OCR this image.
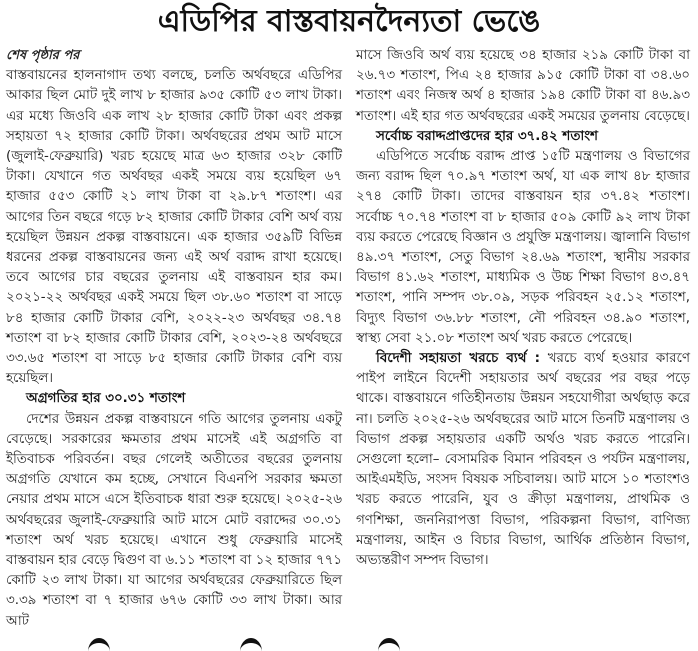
এডিপির বাস্তবায়নদৈন্যতা ভেঙে

শেষ পৃষ্ঠার পর

বাস্তবায়নের হালনাগাদ তথ্য বলছে, চলতি অর্থবছরে এডিপির আকার ছিল মোট দুই লাখ ৮ হাজার ৯৩৫ কোটি ৫৩ লাখ টাকা। এর মধ্যে জিওবি এক লাখ ২৮ হাজার কোটি টাকা এবং প্রকল্প সহায়তা ৭২ হাজার কোটি টাকা। অর্থবছরের প্রথম আট মাসে (জুলাই-ফেব্রুয়ারি) খরচ হয়েছে মাত্র ৬৩ হাজার ৩২৮ কোটি টাকা। যেখানে গত অর্থবছর একই সময়ে ব্যয় হয়েছিল ৬৭ হাজার ৫৫৩ কোটি ২১ লাখ টাকা বা ২৯.৮৭ শতাংশ। এর আগের তিন বছরে গড়ে ৮২ হাজার কোটি টাকার বেশি অর্থ ব্যয় হয়েছিল উন্নয়ন প্রকল্প বাস্তবায়নে। এক হাজার ৩৫৯টি বিভিন্ন ধরনের প্রকল্প বাস্তবায়নের জন্য এই অর্থ বরাদ্দ রাখা হয়েছে। তবে আগের চার বছরের তুলনায় এই বাস্তবায়ন হার কম। ২০২১-২২ অর্থবছর একই সময়ে ছিল ৩৮.৬০ শতাংশ বা সাড়ে ৮৪ হাজার কোটি টাকার বেশি, ২০২২-২৩ অর্থবছর ৩৪.৭৪ শতাংশ বা ৮২ হাজার কোটি টাকার বেশি, ২০২৩-২৪ অর্থবছরে ৩৩.৬৫ শতাংশ বা সাড়ে ৮৫ হাজার কোটি টাকার বেশি ব্যয় হয়েছিল।

অগ্রগতির হার ৩০.৩১ শতাংশ

দেশের উন্নয়ন প্রকল্প বাস্তবায়নে গতি আগের তুলনায় একটু বেড়েছে। সরকারের ক্ষমতার প্রথম মাসেই এই অগ্রগতি বা ইতিবাচক পরিবর্তন। বছর গেলেই অতীতের বছরের তুলনায় অগ্রগতি যেখানে কম হচ্ছে, সেখানে বিএনপি সরকার ক্ষমতা নেয়ার প্রথম মাসে এসে ইতিবাচক ধারা শুরু হয়েছে। ২০২৫-২৬ অর্থবছরের জুলাই-ফেব্রুয়ারি আট মাসে মোট বরাদ্দের ৩০.৩১ শতাংশ অর্থ খরচ হয়েছে। এখানে শুধু ফেব্রুয়ারি মাসেই বাস্তবায়ন হার বেড়ে দ্বিগুণ বা ৬.১১ শতাংশ বা ১২ হাজার ৭৭১ কোটি ২৩ লাখ টাকা। যা আগের অর্থবছরের ফেব্রুয়ারিতে ছিল ৩.৩৯ শতাংশ বা ৭ হাজার ৬৭৬ কোটি ৩৩ লাখ টাকা। আর আট

মাসে জিওবি অর্থ ব্যয় হয়েছে ৩৪ হাজার ২১৯ কোটি টাকা বা ২৬.৭৩ শতাংশ, পিএ ২৪ হাজার ৯১৫ কোটি টাকা বা ৩৪.৬০ শতাংশ এবং নিজস্ব অর্থ ৪ হাজার ১৯৪ কোটি টাকা বা ৪৬.৯৩ শতাংশ। এই হার গত অর্থবছরের একই সময়ের তুলনায় বেড়েছে।

সর্বোচ্চ বরাদ্দপ্রাপ্তদের হার ৩৭.৪২ শতাংশ

এডিপিতে সর্বোচ্চ বরাদ্দ প্রাপ্ত ১৫টি মন্ত্রণালয় ও বিভাগের জন্য বরাদ্দ ছিল ৭০.৯৭ শতাংশ অর্থ, যা এক লাখ ৪৮ হাজার ২৭৪ কোটি টাকা। তাদের বাস্তবায়ন হার ৩৭.৪২ শতাংশ। সর্বোচ্চ ৭০.৭৪ শতাংশ বা ৮ হাজার ৫০৯ কোটি ৯২ লাখ টাকা ব্যয় করতে পেরেছে বিজ্ঞান ও প্রযুক্তি মন্ত্রণালয়। জ্বালানি বিভাগ ৪৯.৩৭ শতাংশ, সেতু বিভাগ ২৪.৬৯ শতাংশ, স্থানীয় সরকার বিভাগ ৪১.৬২ শতাংশ, মাধ্যমিক ও উচ্চ শিক্ষা বিভাগ ৪৩.৪৭ শতাংশ, পানি সম্পদ ৩৮.০৯, সড়ক পরিবহন ২৫.১২ শতাংশ, বিদ্যুৎ বিভাগ ৩৬.৮৮ শতাংশ, নৌ পরিবহন ৩৪.৯০ শতাংশ, স্বাস্থ্য সেবা ২১.০৮ শতাংশ অর্থ খরচ করতে পেরেছে।

বিদেশী সহায়তা খরচে ব্যর্থ : খরচে ব্যর্থ হওয়ার কারণে পাইপ লাইনে বিদেশী সহায়তার অর্থ বছরের পর বছর পড়ে থাকে। বাস্তবায়নে গতিহীনতায় উন্নয়ন সহযোগীরা অর্থছাড় করে না। চলতি ২০২৫-২৬ অর্থবছরের আট মাসে তিনটি মন্ত্রণালয় ও বিভাগ প্রকল্প সহায়তার একটি অর্থও খরচ করতে পারেনি। সেগুলো হলো– বেসামরিক বিমান পরিবহন ও পর্যটন মন্ত্রণালয়, আইএমইডি, সংসদ বিষয়ক সচিবালয়। আট মাসে ১০ শতাংশও খরচ করতে পারেনি, যুব ও ক্রীড়া মন্ত্রণালয়, প্রাথমিক ও গণশিক্ষা, জননিরাপত্তা বিভাগ, পরিকল্পনা বিভাগ, বাণিজ্য মন্ত্রণালয়, আইন ও বিচার বিভাগ, আর্থিক প্রতিষ্ঠান বিভাগ, অভ্যন্তরীণ সম্পদ বিভাগ।
